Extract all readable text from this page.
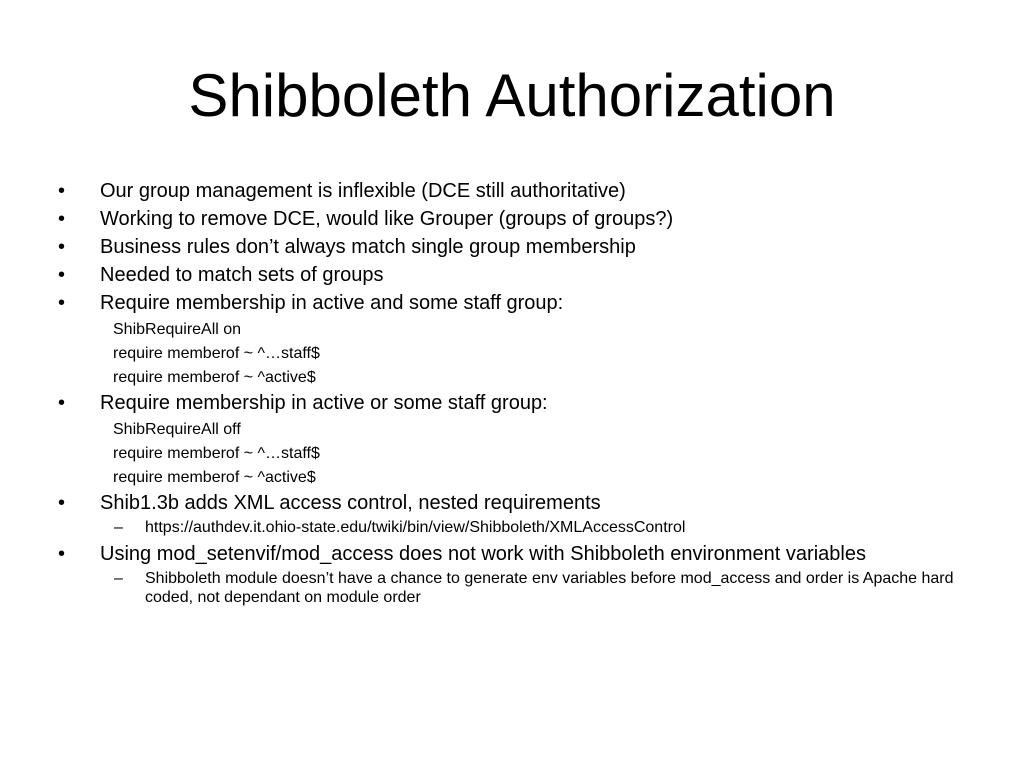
Shibboleth Authorization
•	Our group management is inflexible (DCE still authoritative)
•	Working to remove DCE, would like Grouper (groups of groups?)
•	Business rules don’t always match single group membership
•	Needed to match sets of groups
•	Require membership in active and some staff group:
ShibRequireAll on
require memberof ~ ^…staff$
require memberof ~ ^active$
•	Require membership in active or some staff group:
ShibRequireAll off
require memberof ~ ^…staff$
require memberof ~ ^active$
•	Shib1.3b adds XML access control, nested requirements
– https://authdev.it.ohio-state.edu/twiki/bin/view/Shibboleth/XMLAccessControl
•	Using mod_setenvif/mod_access does not work with Shibboleth environment variables
– Shibboleth module doesn’t have a chance to generate env variables before mod_access and order is Apache hard coded, not dependant on module order
